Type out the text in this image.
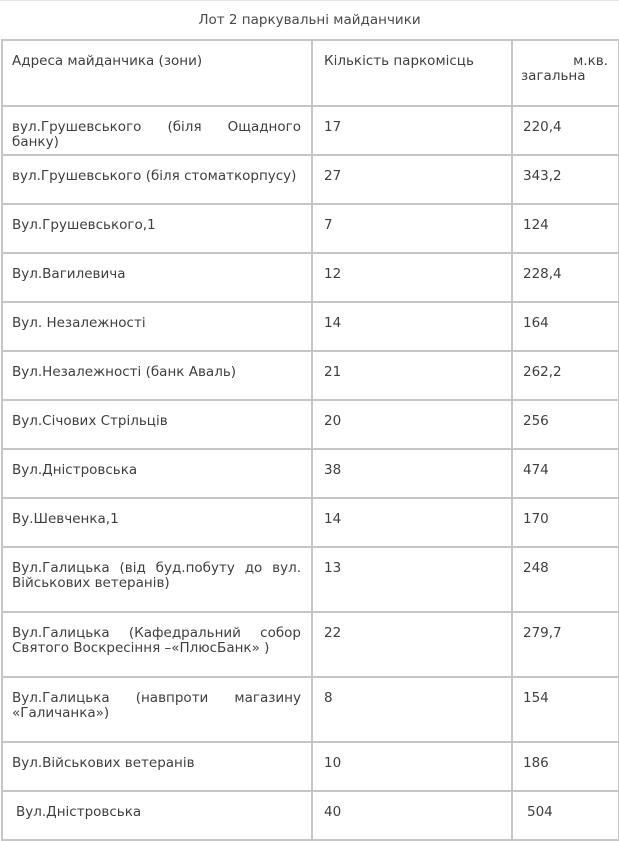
Лот 2 паркувальні майданчики
Адреса майданчика (зони)	Кількість паркомісць	м.кв.
загальна

вул.Грушевського (біля Ощадного банку)	17	220,4
вул.Грушевського (біля стоматкорпусу)	27	343,2
Вул.Грушевського,1	7	124
Вул.Вагилевича	12	228,4
Вул. Незалежності	14	164
Вул.Незалежності (банк Аваль)	21	262,2
Вул.Січових Стрільців	20	256
Вул.Дністровська	38	474
Ву.Шевченка,1	14	170
Вул.Галицька (від буд.побуту до вул. Військових ветеранів)	13	248
Вул.Галицька (Кафедральний собор Святого Воскресіння –«ПлюсБанк» )	22	279,7
Вул.Галицька (навпроти магазину «Галичанка»)	8	154
Вул.Військових ветеранів	10	186
Вул.Дністровська	40	504
